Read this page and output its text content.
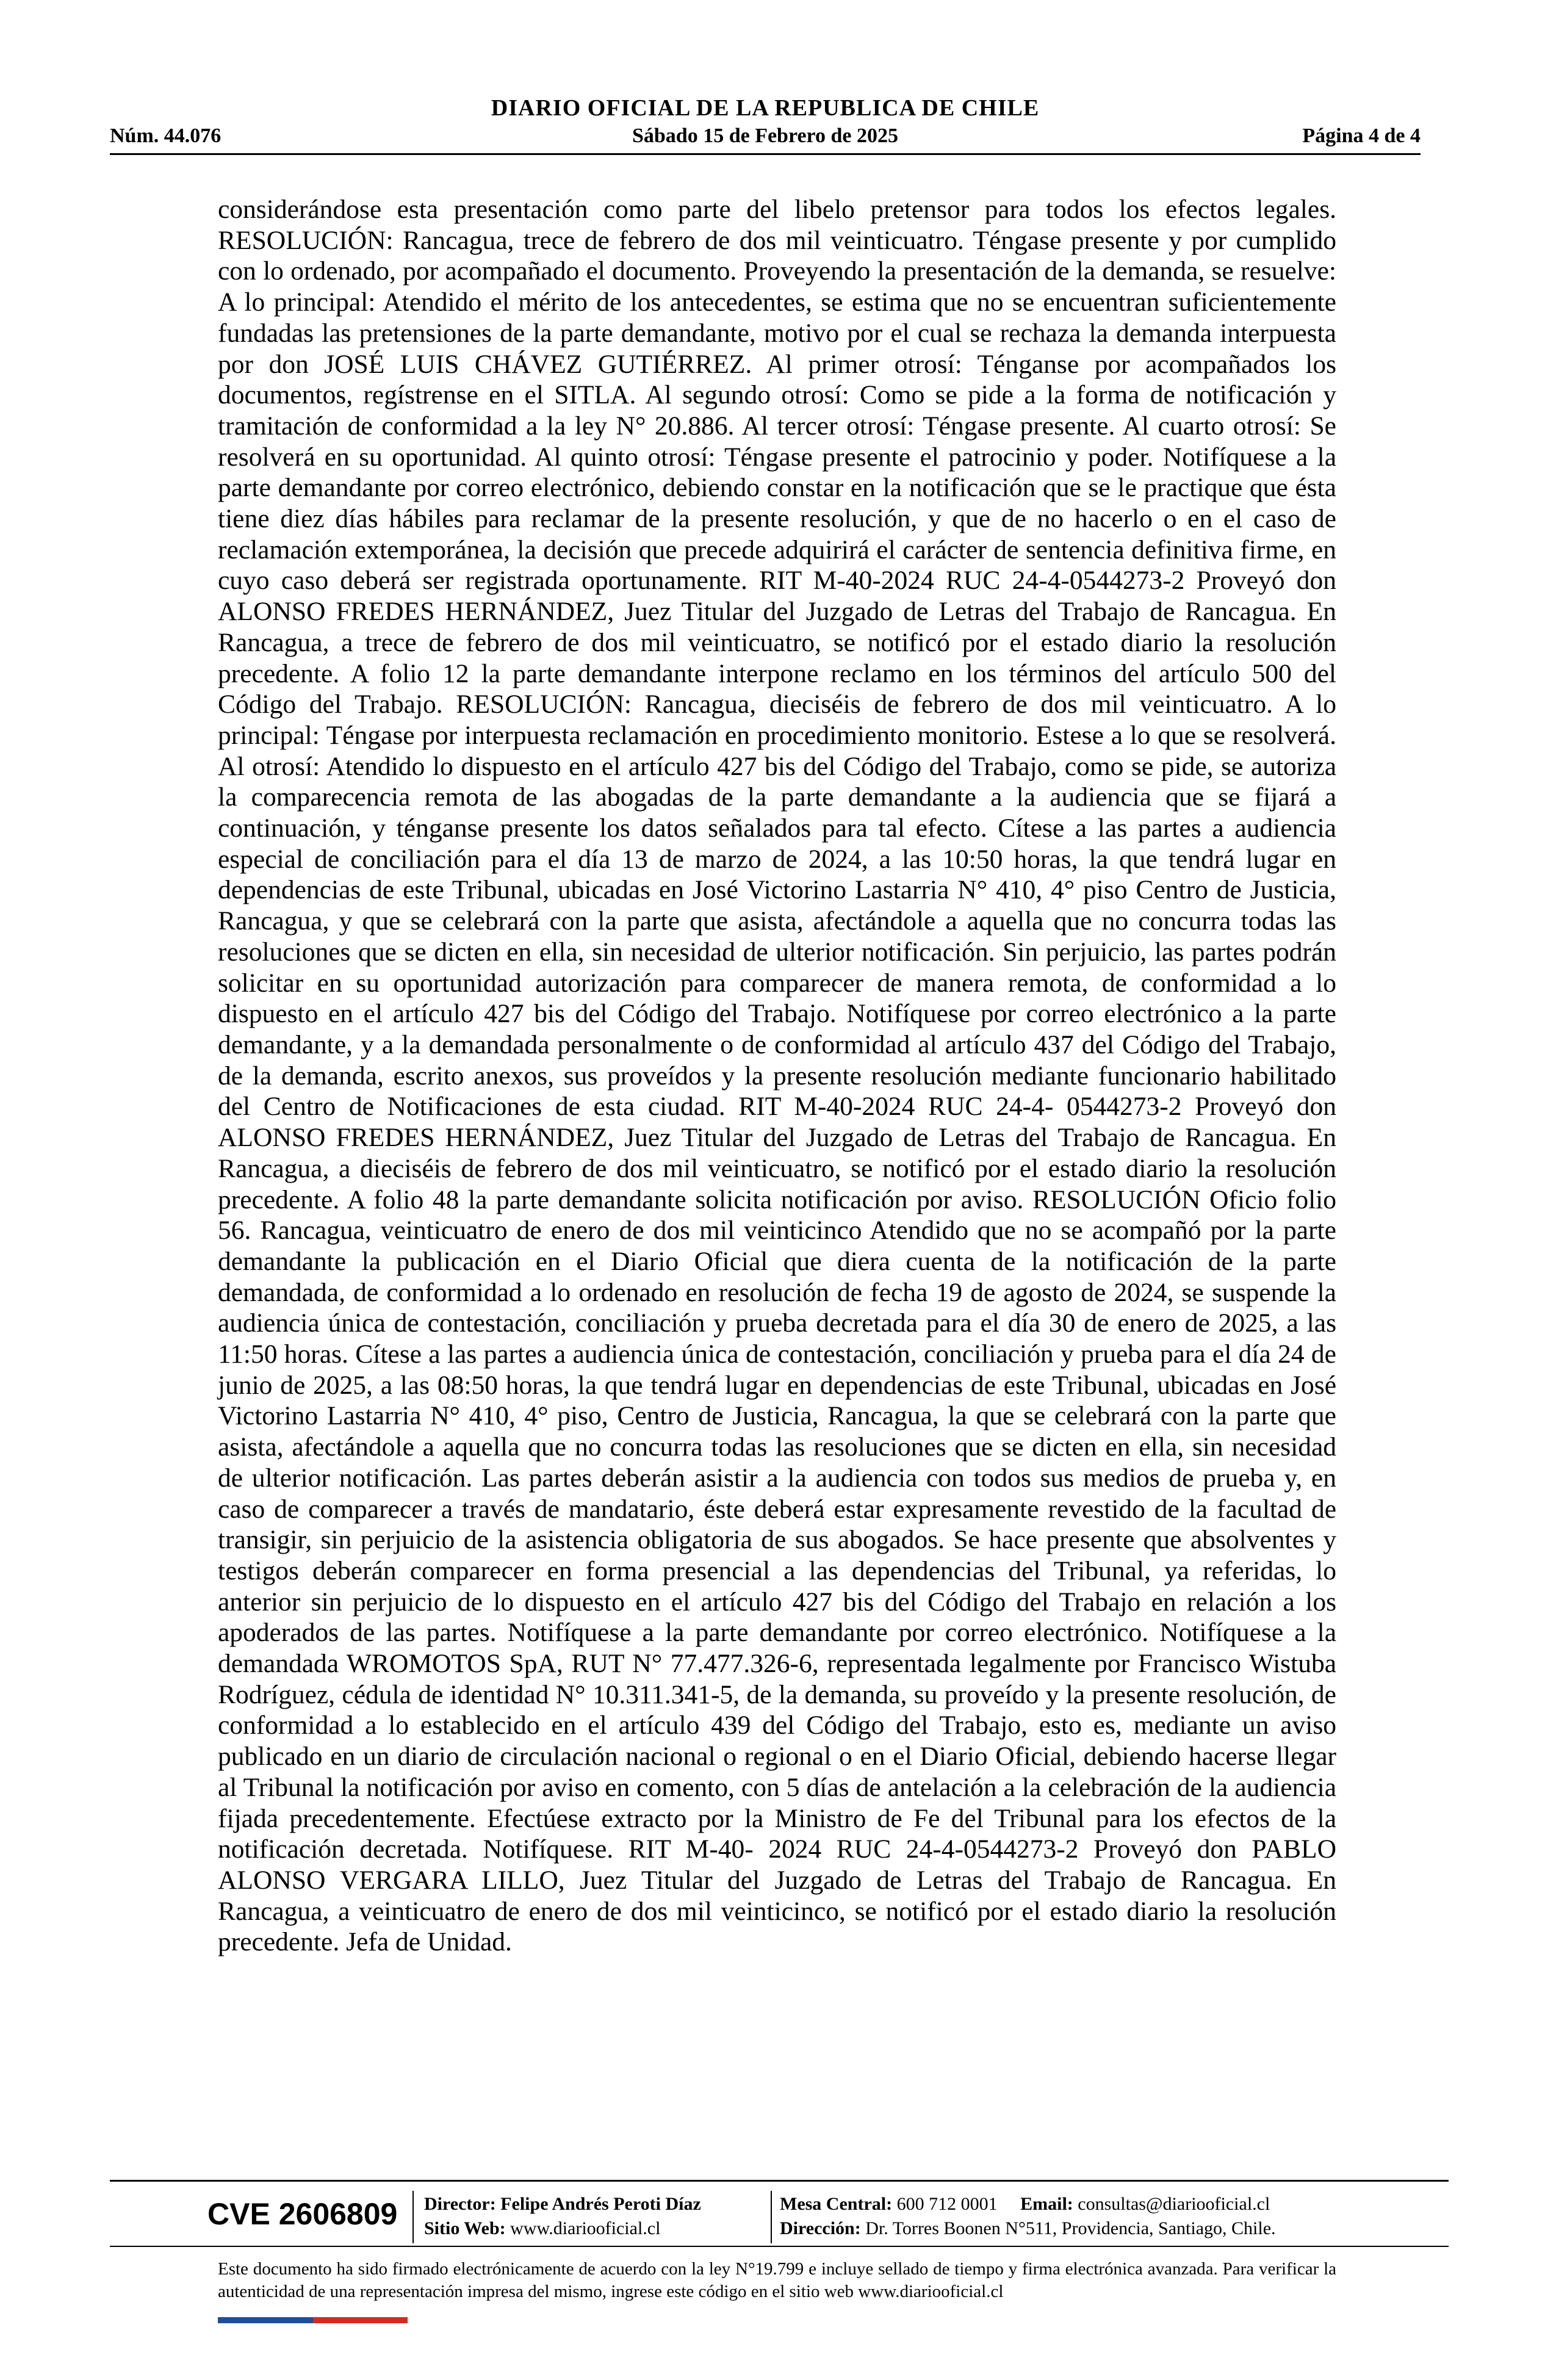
DIARIO OFICIAL DE LA REPUBLICA DE CHILE
Núm. 44.076	Sábado 15 de Febrero de 2025	Página 4 de 4
considerándose esta presentación como parte del libelo pretensor para todos los efectos legales. RESOLUCIÓN: Rancagua, trece de febrero de dos mil veinticuatro. Téngase presente y por cumplido con lo ordenado, por acompañado el documento. Proveyendo la presentación de la demanda, se resuelve: A lo principal: Atendido el mérito de los antecedentes, se estima que no se encuentran suficientemente fundadas las pretensiones de la parte demandante, motivo por el cual se rechaza la demanda interpuesta por don JOSÉ LUIS CHÁVEZ GUTIÉRREZ. Al primer otrosí: Ténganse por acompañados los documentos, regístrense en el SITLA. Al segundo otrosí: Como se pide a la forma de notificación y tramitación de conformidad a la ley N° 20.886. Al tercer otrosí: Téngase presente. Al cuarto otrosí: Se resolverá en su oportunidad. Al quinto otrosí: Téngase presente el patrocinio y poder. Notifíquese a la parte demandante por correo electrónico, debiendo constar en la notificación que se le practique que ésta tiene diez días hábiles para reclamar de la presente resolución, y que de no hacerlo o en el caso de reclamación extemporánea, la decisión que precede adquirirá el carácter de sentencia definitiva firme, en cuyo caso deberá ser registrada oportunamente. RIT M-40-2024 RUC 24-4-0544273-2 Proveyó don ALONSO FREDES HERNÁNDEZ, Juez Titular del Juzgado de Letras del Trabajo de Rancagua. En Rancagua, a trece de febrero de dos mil veinticuatro, se notificó por el estado diario la resolución precedente. A folio 12 la parte demandante interpone reclamo en los términos del artículo 500 del Código del Trabajo. RESOLUCIÓN: Rancagua, dieciséis de febrero de dos mil veinticuatro. A lo principal: Téngase por interpuesta reclamación en procedimiento monitorio. Estese a lo que se resolverá. Al otrosí: Atendido lo dispuesto en el artículo 427 bis del Código del Trabajo, como se pide, se autoriza la comparecencia remota de las abogadas de la parte demandante a la audiencia que se fijará a continuación, y ténganse presente los datos señalados para tal efecto. Cítese a las partes a audiencia especial de conciliación para el día 13 de marzo de 2024, a las 10:50 horas, la que tendrá lugar en dependencias de este Tribunal, ubicadas en José Victorino Lastarria N° 410, 4° piso Centro de Justicia, Rancagua, y que se celebrará con la parte que asista, afectándole a aquella que no concurra todas las resoluciones que se dicten en ella, sin necesidad de ulterior notificación. Sin perjuicio, las partes podrán solicitar en su oportunidad autorización para comparecer de manera remota, de conformidad a lo dispuesto en el artículo 427 bis del Código del Trabajo. Notifíquese por correo electrónico a la parte demandante, y a la demandada personalmente o de conformidad al artículo 437 del Código del Trabajo, de la demanda, escrito anexos, sus proveídos y la presente resolución mediante funcionario habilitado del Centro de Notificaciones de esta ciudad. RIT M-40-2024 RUC 24-4- 0544273-2 Proveyó don ALONSO FREDES HERNÁNDEZ, Juez Titular del Juzgado de Letras del Trabajo de Rancagua. En Rancagua, a dieciséis de febrero de dos mil veinticuatro, se notificó por el estado diario la resolución precedente. A folio 48 la parte demandante solicita notificación por aviso. RESOLUCIÓN Oficio folio 56. Rancagua, veinticuatro de enero de dos mil veinticinco Atendido que no se acompañó por la parte demandante la publicación en el Diario Oficial que diera cuenta de la notificación de la parte demandada, de conformidad a lo ordenado en resolución de fecha 19 de agosto de 2024, se suspende la audiencia única de contestación, conciliación y prueba decretada para el día 30 de enero de 2025, a las 11:50 horas. Cítese a las partes a audiencia única de contestación, conciliación y prueba para el día 24 de junio de 2025, a las 08:50 horas, la que tendrá lugar en dependencias de este Tribunal, ubicadas en José Victorino Lastarria N° 410, 4° piso, Centro de Justicia, Rancagua, la que se celebrará con la parte que asista, afectándole a aquella que no concurra todas las resoluciones que se dicten en ella, sin necesidad de ulterior notificación. Las partes deberán asistir a la audiencia con todos sus medios de prueba y, en caso de comparecer a través de mandatario, éste deberá estar expresamente revestido de la facultad de transigir, sin perjuicio de la asistencia obligatoria de sus abogados. Se hace presente que absolventes y testigos deberán comparecer en forma presencial a las dependencias del Tribunal, ya referidas, lo anterior sin perjuicio de lo dispuesto en el artículo 427 bis del Código del Trabajo en relación a los apoderados de las partes. Notifíquese a la parte demandante por correo electrónico. Notifíquese a la demandada WROMOTOS SpA, RUT N° 77.477.326-6, representada legalmente por Francisco Wistuba Rodríguez, cédula de identidad N° 10.311.341-5, de la demanda, su proveído y la presente resolución, de conformidad a lo establecido en el artículo 439 del Código del Trabajo, esto es, mediante un aviso publicado en un diario de circulación nacional o regional o en el Diario Oficial, debiendo hacerse llegar al Tribunal la notificación por aviso en comento, con 5 días de antelación a la celebración de la audiencia fijada precedentemente. Efectúese extracto por la Ministro de Fe del Tribunal para los efectos de la notificación decretada. Notifíquese. RIT M-40- 2024 RUC 24-4-0544273-2 Proveyó don PABLO ALONSO VERGARA LILLO, Juez Titular del Juzgado de Letras del Trabajo de Rancagua. En Rancagua, a veinticuatro de enero de dos mil veinticinco, se notificó por el estado diario la resolución precedente. Jefa de Unidad.
CVE 2606809 Director: Felipe Andrés Peroti Díaz
Sitio Web: www.diariooficial.cl
Mesa Central: 600 712 0001 Email: consultas@diariooficial.cl
Dirección: Dr. Torres Boonen N°511, Providencia, Santiago, Chile.
Este documento ha sido firmado electrónicamente de acuerdo con la ley N°19.799 e incluye sellado de tiempo y firma electrónica avanzada. Para verificar la autenticidad de una representación impresa del mismo, ingrese este código en el sitio web www.diariooficial.cl
